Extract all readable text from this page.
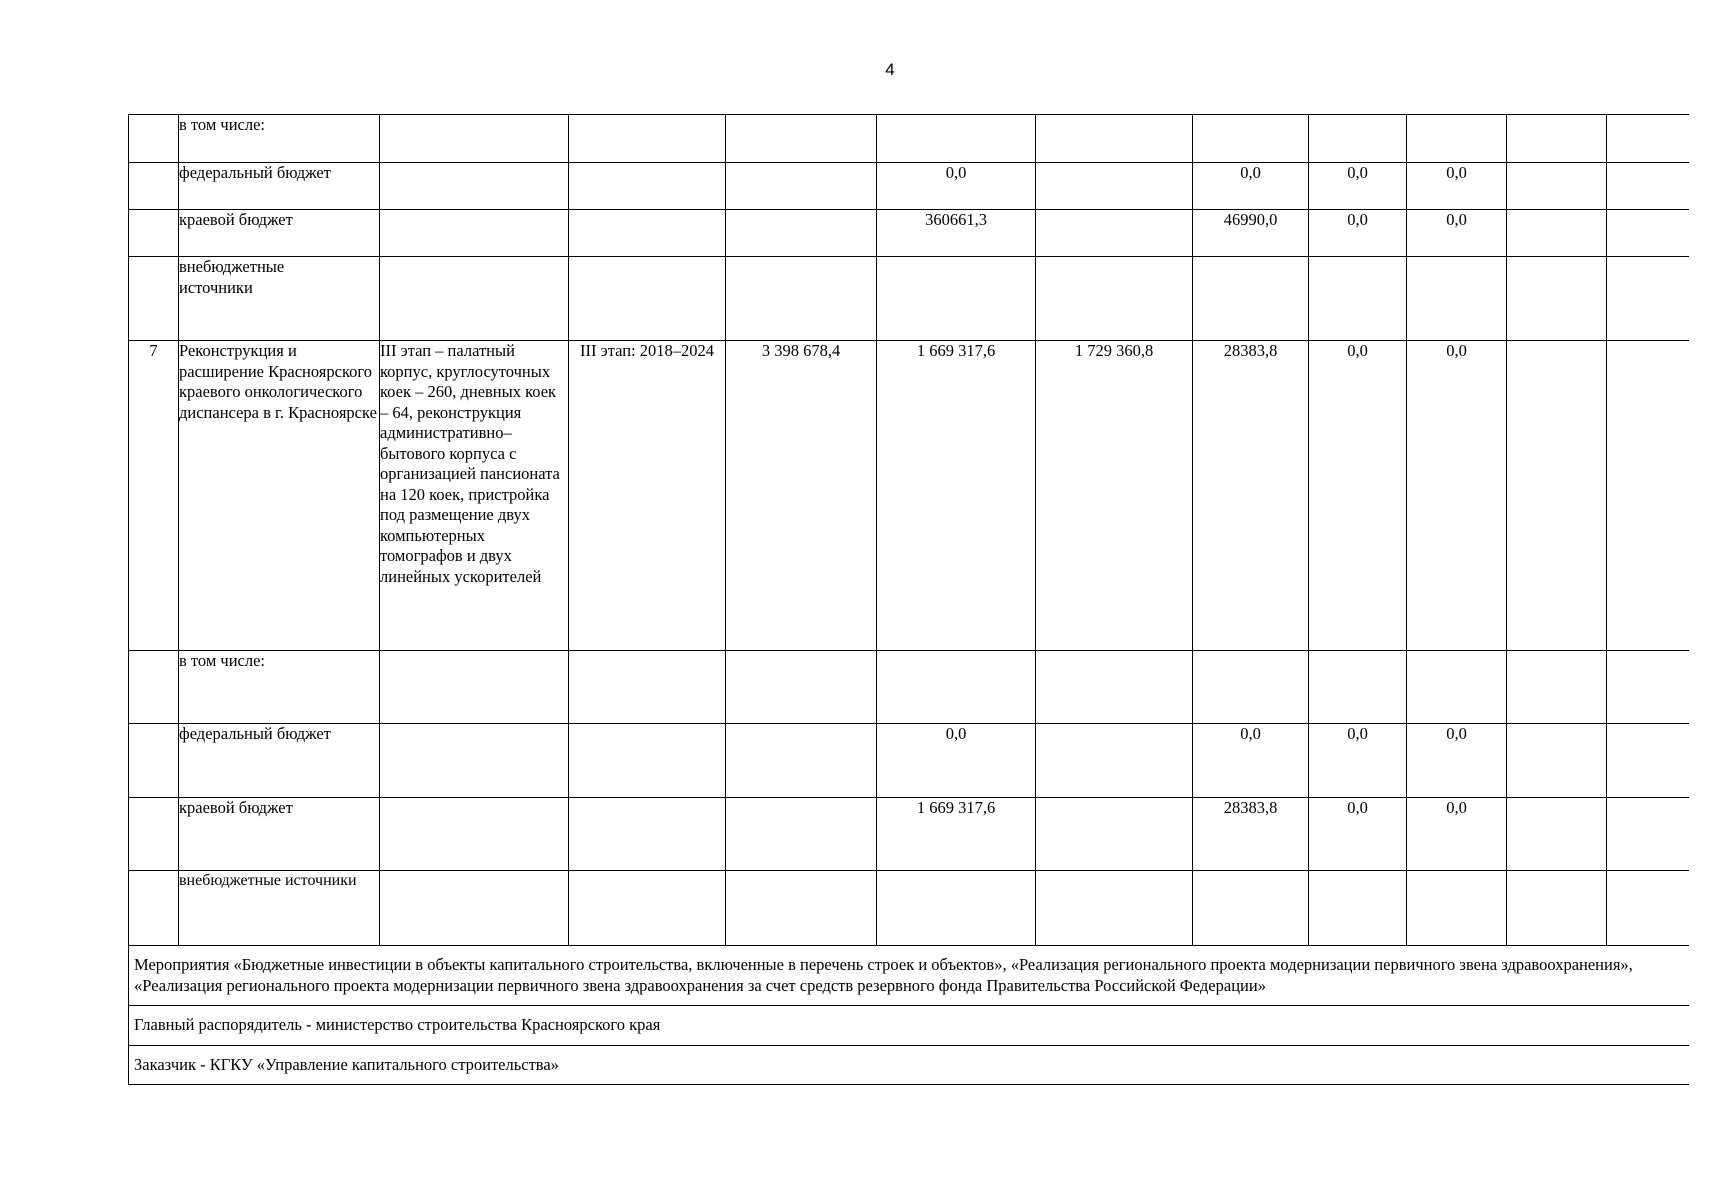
4
	в том числе:										
	федеральный бюджет				0,0		0,0	0,0	0,0		
	краевой бюджет				360661,3		46990,0	0,0	0,0		
	внебюджетные источники										
7	Реконструкция и расширение Красноярского краевого онкологического диспансера в г. Красноярске	III этап – палатный корпус, круглосуточных коек – 260, дневных коек – 64, реконструкция административно–бытового корпуса с организацией пансионата на 120 коек, пристройка под размещение двух компьютерных томографов и двух линейных ускорителей	III этап: 2018–2024	3 398 678,4	1 669 317,6	1 729 360,8	28383,8	0,0	0,0		
	в том числе:										
	федеральный бюджет				0,0		0,0	0,0	0,0		
	краевой бюджет				1 669 317,6		28383,8	0,0	0,0		
	внебюджетные источники										
Мероприятия «Бюджетные инвестиции в объекты капитального строительства, включенные в перечень строек и объектов», «Реализация регионального проекта модернизации первичного звена здравоохранения», «Реализация регионального проекта модернизации первичного звена здравоохранения за счет средств резервного фонда Правительства Российской Федерации»											
Главный распорядитель - министерство строительства Красноярского края											
Заказчик - КГКУ «Управление капитального строительства»											
